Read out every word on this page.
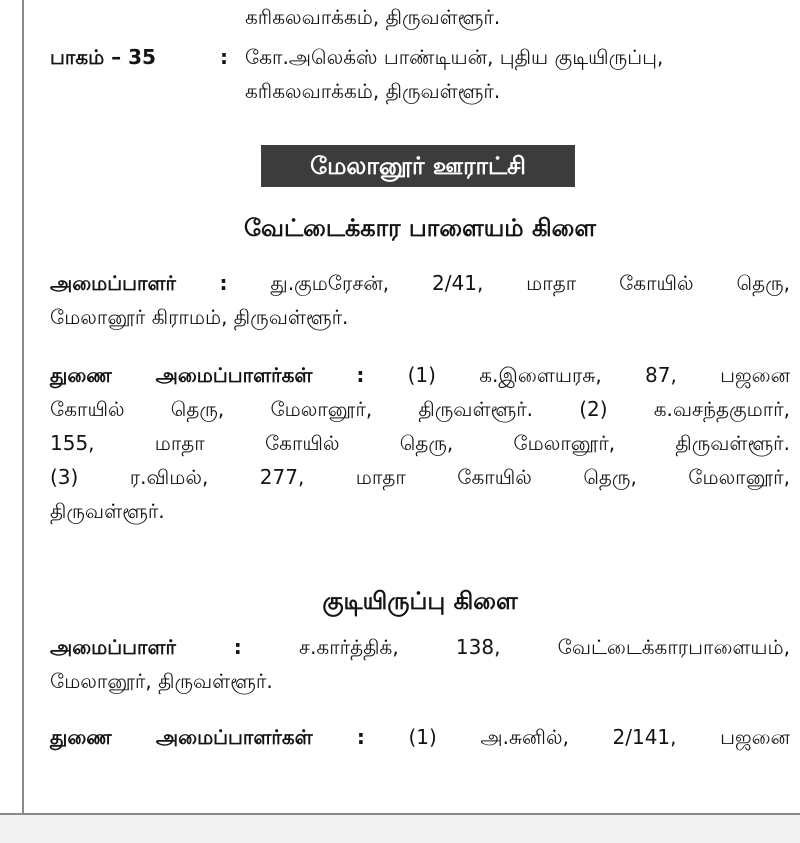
கரிகலவாக்கம், திருவள்ளூர்.
பாகம் – 35	: கோ.அலெக்ஸ் பாண்டியன், புதிய குடியிருப்பு,
கரிகலவாக்கம், திருவள்ளூர்.
மேலானூர் ஊராட்சி
வேட்டைக்கார பாளையம் கிளை
அமைப்பாளர் : து.குமரேசன், 2/41, மாதா கோயில் தெரு,
மேலானூர் கிராமம், திருவள்ளூர்.
துணை அமைப்பாளர்கள் : (1) க.இளையரசு, 87, பஜனை
கோயில் தெரு, மேலானூர், திருவள்ளூர். (2) க.வசந்தகுமார்,
155, மாதா கோயில் தெரு, மேலானூர், திருவள்ளூர்.
(3) ர.விமல், 277, மாதா கோயில் தெரு, மேலானூர்,
திருவள்ளூர்.
குடியிருப்பு கிளை
அமைப்பாளர் :	ச.கார்த்திக், 138, வேட்டைக்காரபாளையம்,
மேலானூர், திருவள்ளூர்.
துணை அமைப்பாளர்கள் : (1) அ.சுனில், 2/141, பஜனை
